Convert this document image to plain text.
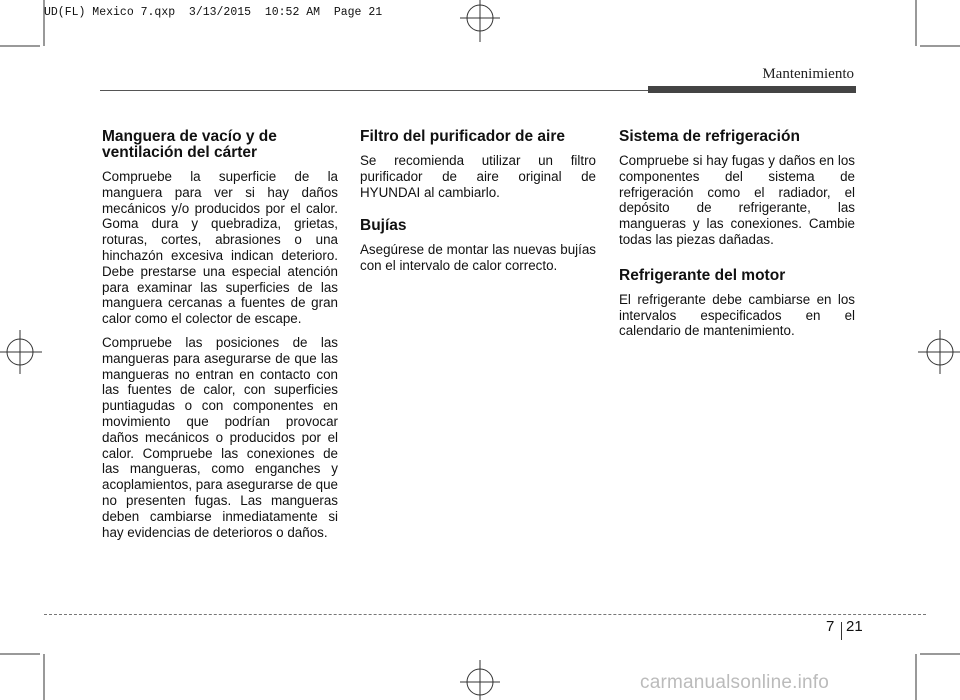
UD(FL) Mexico 7.qxp  3/13/2015  10:52 AM  Page 21
Mantenimiento
Manguera de vacío y de ventilación del cárter

Compruebe la superficie de la manguera para ver si hay daños mecánicos y/o producidos por el calor. Goma dura y quebradiza, grietas, roturas, cortes, abrasiones o una hinchazón excesiva indican deterioro. Debe prestarse una especial atención para examinar las superficies de las manguera cercanas a fuentes de gran calor como el colector de escape.

Compruebe las posiciones de las mangueras para asegurarse de que las mangueras no entran en contacto con las fuentes de calor, con superficies puntiagudas o con componentes en movimiento que podrían provocar daños mecánicos o producidos por el calor. Compruebe las conexiones de las mangueras, como enganches y acoplamientos, para asegurarse de que no presenten fugas. Las mangueras deben cambiarse inmediatamente si hay evidencias de deterioros o daños.

Filtro del purificador de aire

Se recomienda utilizar un filtro purificador de aire original de HYUNDAI al cambiarlo.

Bujías

Asegúrese de montar las nuevas bujías con el intervalo de calor correcto.

Sistema de refrigeración

Compruebe si hay fugas y daños en los componentes del sistema de refrigeración como el radiador, el depósito de refrigerante, las mangueras y las conexiones. Cambie todas las piezas dañadas.

Refrigerante del motor

El refrigerante debe cambiarse en los intervalos especificados en el calendario de mantenimiento.

7 21
carmanualsonline.info
